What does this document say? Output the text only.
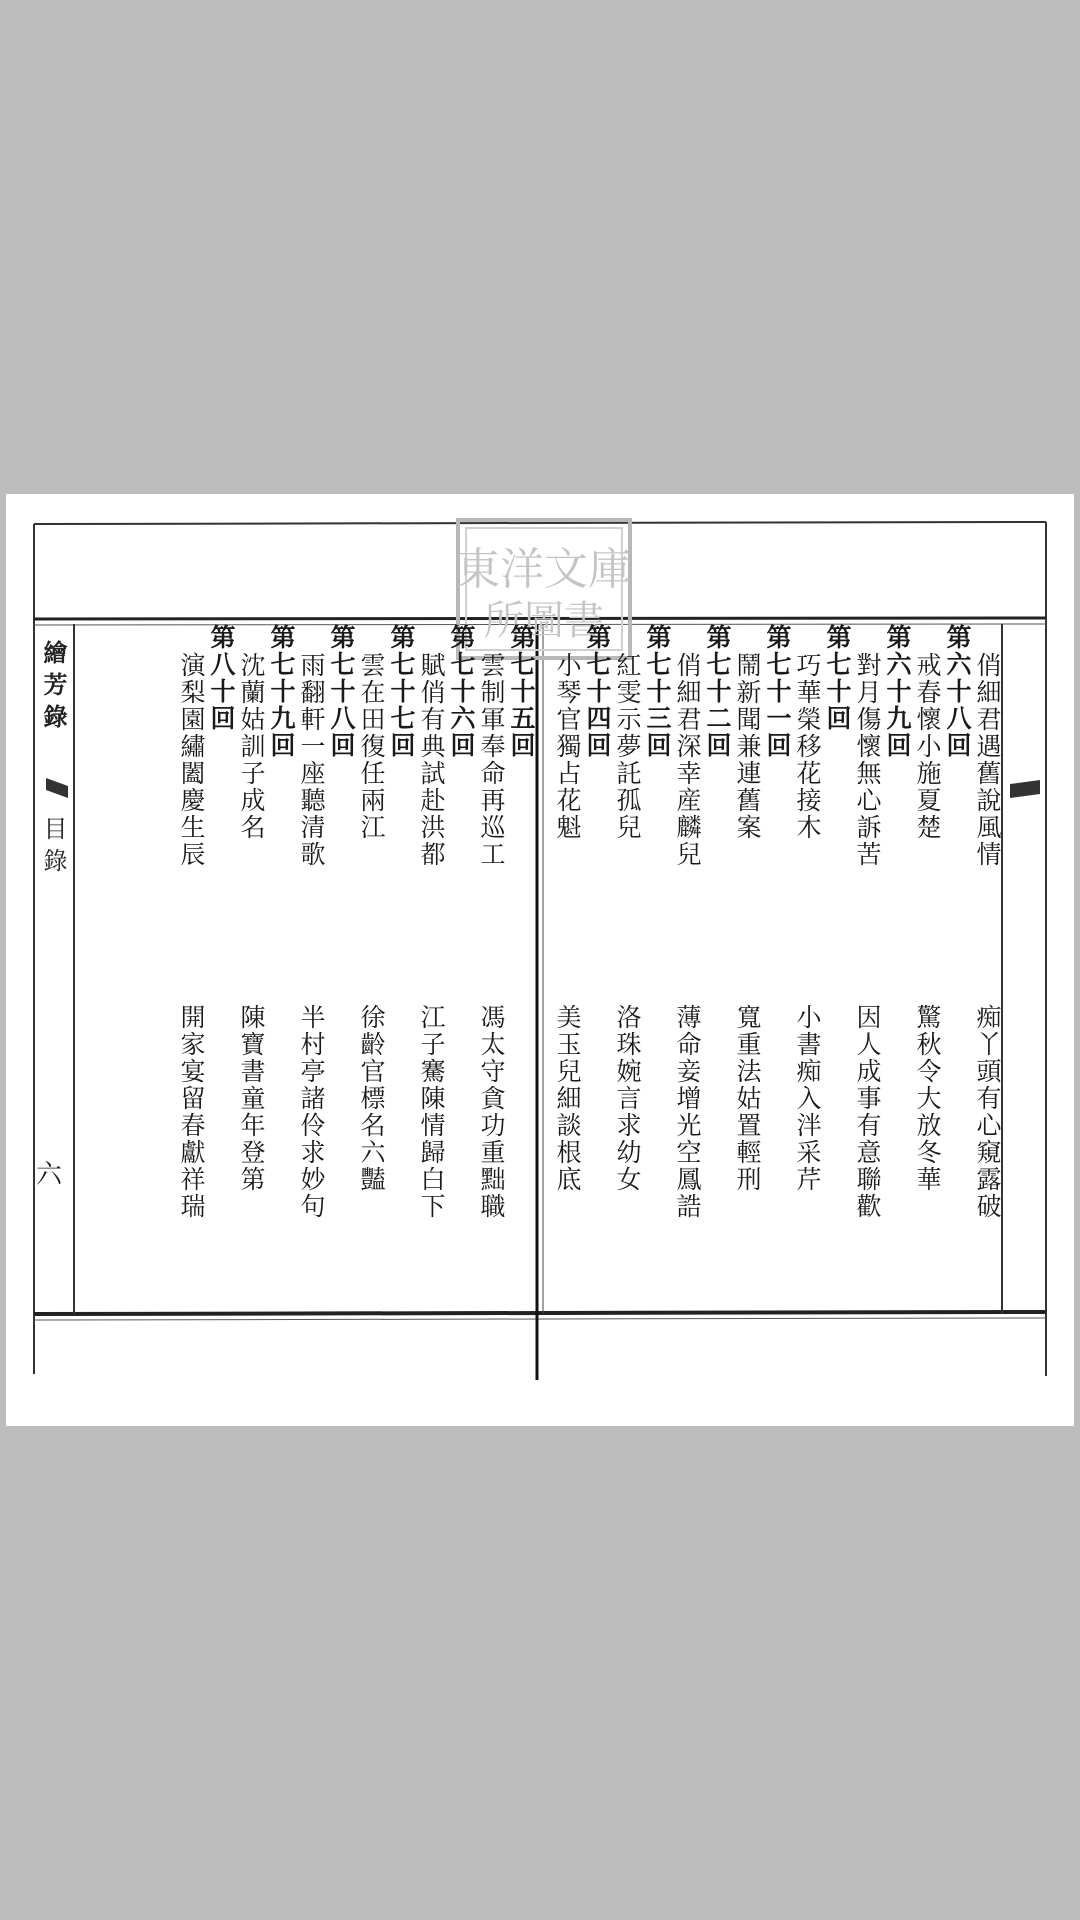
東洋文庫
所圖書
繪芳錄
目錄
六
俏細君遇舊說風情
第六十八回
戒春懷小施夏楚
第六十九回
對月傷懷無心訴苦
第七十回
巧華榮移花接木
第七十一回
鬧新聞兼連舊案
第七十二回
俏細君深幸産麟兒
第七十三回
紅雯示夢託孤兒
第七十四回
小琴官獨占花魁
痴丫頭有心窺露破
驚秋令大放冬華
因人成事有意聯歡
小書痴入泮采芹
寬重法姑置輕刑
薄命妾增光空鳳誥
洛珠婉言求幼女
美玉兒細談根底
第七十五回
雲制軍奉命再巡工
第七十六回
賦俏有典試赴洪都
第七十七回
雲在田復任兩江
第七十八回
雨翻軒一座聽清歌
第七十九回
沈蘭姑訓子成名
第八十回
演梨園繡闔慶生辰
馮太守貪功重黜職
江子騫陳情歸白下
徐齡官標名六豔
半村亭諸伶求妙句
陳寶書童年登第
開家宴留春獻祥瑞
